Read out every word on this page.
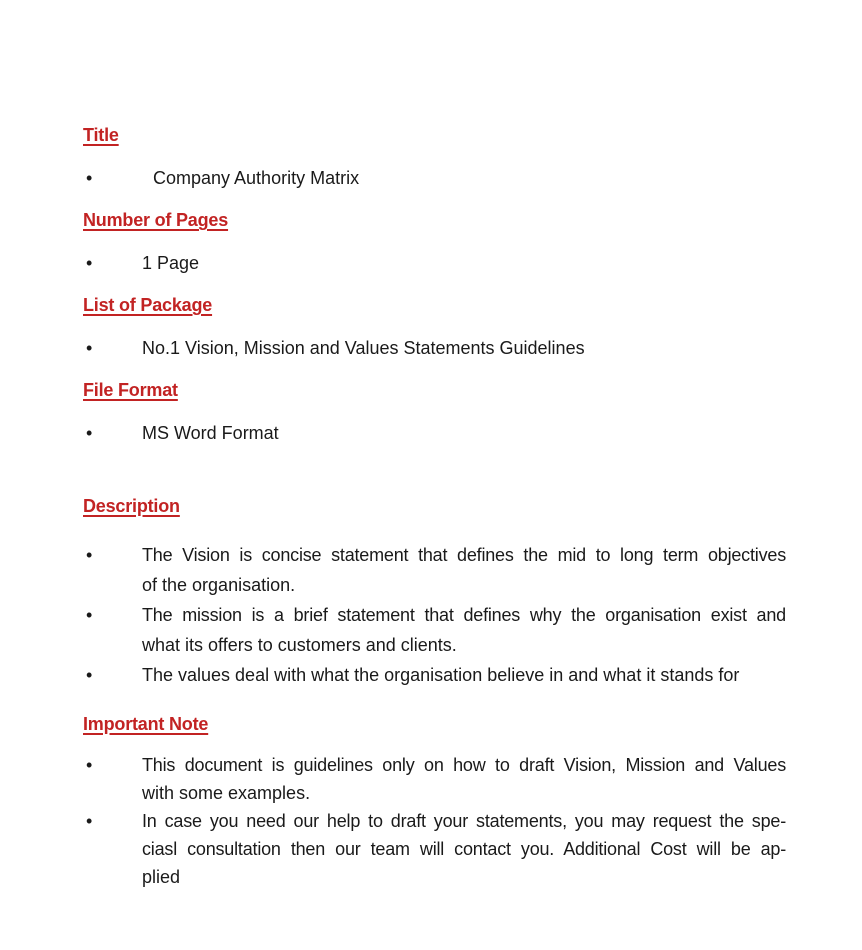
Title
•	Company Authority Matrix
Number of Pages
•	1 Page
List of Package
•	No.1 Vision, Mission and Values Statements Guidelines
File Format
•	MS Word Format
Description
•	The Vision is concise statement that defines the mid to long term objectives
of the organisation.
•	The mission is a brief statement that defines why the organisation exist and
what its offers to customers and clients.
•	The values deal with what the organisation believe in and what it stands for
Important Note
•	This document is guidelines only on how to draft Vision, Mission and Values
with some examples.
•	In case you need our help to draft your statements, you may request the spe-
ciasl consultation then our team will contact you. Additional Cost will be ap-
plied
